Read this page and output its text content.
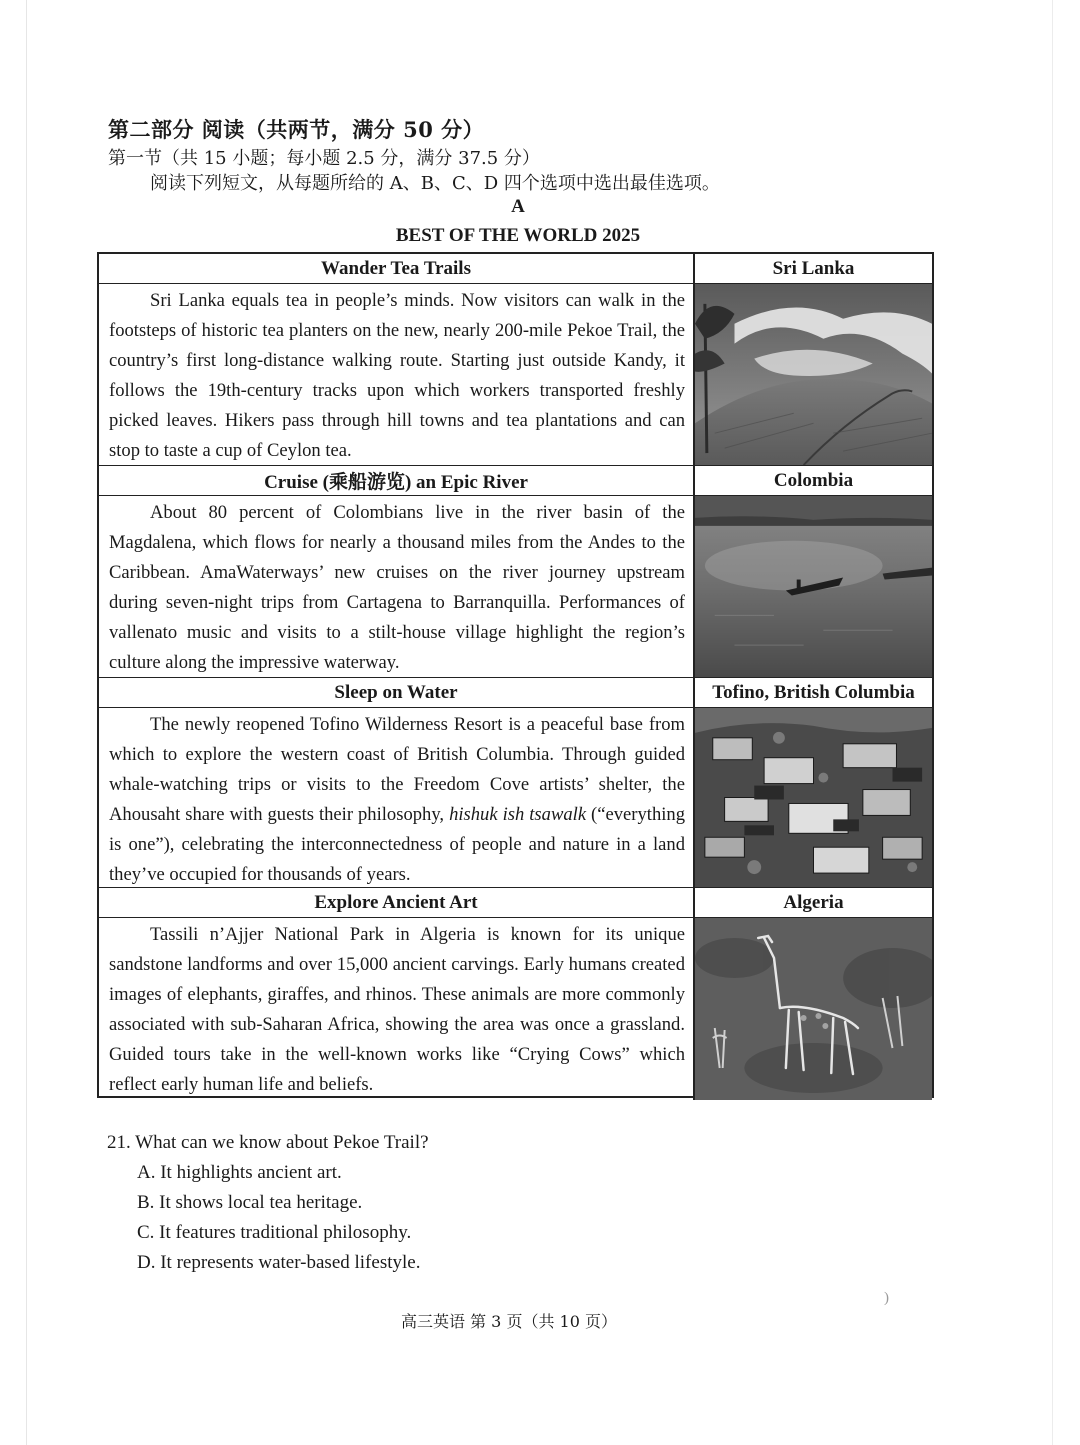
第二部分 阅读（共两节，满分 50 分）
第一节（共 15 小题；每小题 2.5 分，满分 37.5 分）
阅读下列短文，从每题所给的 A、B、C、D 四个选项中选出最佳选项。
A
BEST OF THE WORLD 2025
Wander Tea Trails	Sri Lanka

Sri Lanka equals tea in people’s minds. Now visitors can walk in the footsteps of historic tea planters on the new, nearly 200-mile Pekoe Trail, the country’s first long-distance walking route. Starting just outside Kandy, it follows the 19th-century tracks upon which workers transported freshly picked leaves. Hikers pass through hill towns and tea plantations and can stop to taste a cup of Ceylon tea.

Cruise (乘船游览) an Epic River	Colombia

About 80 percent of Colombians live in the river basin of the Magdalena, which flows for nearly a thousand miles from the Andes to the Caribbean. AmaWaterways’ new cruises on the river journey upstream during seven-night trips from Cartagena to Barranquilla. Performances of vallenato music and visits to a stilt-house village highlight the region’s culture along the impressive waterway.

Sleep on Water	Tofino, British Columbia

The newly reopened Tofino Wilderness Resort is a peaceful base from which to explore the western coast of British Columbia. Through guided whale-watching trips or visits to the Freedom Cove artists’ shelter, the Ahousaht share with guests their philosophy, hishuk ish tsawalk (“everything is one”), celebrating the interconnectedness of people and nature in a land they’ve occupied for thousands of years.

Explore Ancient Art	Algeria

Tassili n’Ajjer National Park in Algeria is known for its unique sandstone landforms and over 15,000 ancient carvings. Early humans created images of elephants, giraffes, and rhinos. These animals are more commonly associated with sub-Saharan Africa, showing the area was once a grassland. Guided tours take in the well-known works like “Crying Cows” which reflect early human life and beliefs.

21. What can we know about Pekoe Trail?
A. It highlights ancient art.
B. It shows local tea heritage.
C. It features traditional philosophy.
D. It represents water-based lifestyle.
)
高三英语 第 3 页（共 10 页）
